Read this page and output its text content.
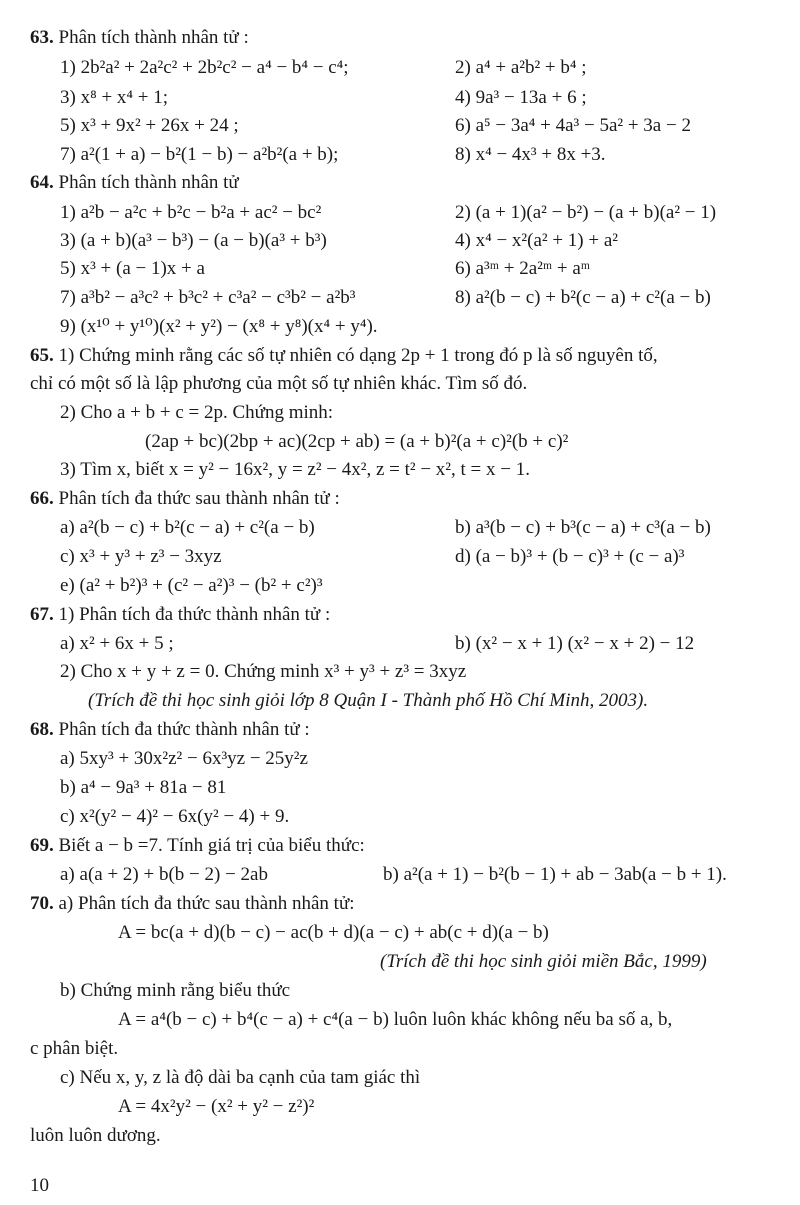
63. Phân tích thành nhân tử :
1) 2b²a² + 2a²c² + 2b²c² − a⁴ − b⁴ − c⁴;	2) a⁴ + a²b² + b⁴ ;
3) x⁸ + x⁴ + 1;	4) 9a³ − 13a + 6 ;
5) x³ + 9x² + 26x + 24 ;	6) a⁵ − 3a⁴ + 4a³ − 5a² + 3a − 2
7) a²(1 + a) − b²(1 − b) − a²b²(a + b);	8) x⁴ − 4x³ + 8x +3.
64. Phân tích thành nhân tử
1) a²b − a²c + b²c − b²a + ac² − bc²	2) (a + 1)(a² − b²) − (a + b)(a² − 1)
3) (a + b)(a³ − b³) − (a − b)(a³ + b³)	4) x⁴ − x²(a² + 1) + a²
5) x³ + (a − 1)x + a	6) a³ᵐ + 2a²ᵐ + aᵐ
7) a³b² − a³c² + b³c² + c³a² − c³b² − a²b³	8) a²(b − c) + b²(c − a) + c²(a − b)
9) (x¹⁰ + y¹⁰)(x² + y²) − (x⁸ + y⁸)(x⁴ + y⁴).
65. 1) Chứng minh rằng các số tự nhiên có dạng 2p + 1 trong đó p là số nguyên tố,
chỉ có một số là lập phương của một số tự nhiên khác. Tìm số đó.
2) Cho a + b + c = 2p. Chứng minh:
(2ap + bc)(2bp + ac)(2cp + ab) = (a + b)²(a + c)²(b + c)²
3) Tìm x, biết x = y² − 16x², y = z² − 4x², z = t² − x², t = x − 1.
66. Phân tích đa thức sau thành nhân tử :
a) a²(b − c) + b²(c − a) + c²(a − b)	b) a³(b − c) + b³(c − a) + c³(a − b)
c) x³ + y³ + z³ − 3xyz	d) (a − b)³ + (b − c)³ + (c − a)³
e) (a² + b²)³ + (c² − a²)³ − (b² + c²)³
67. 1) Phân tích đa thức thành nhân tử :
a) x² + 6x + 5 ;	b) (x² − x + 1) (x² − x + 2) − 12
2) Cho x + y + z = 0. Chứng minh x³ + y³ + z³ = 3xyz
(Trích đề thi học sinh giỏi lớp 8 Quận I - Thành phố Hồ Chí Minh, 2003).
68. Phân tích đa thức thành nhân tử :
a) 5xy³ + 30x²z² − 6x³yz − 25y²z
b) a⁴ − 9a³ + 81a − 81
c) x²(y² − 4)² − 6x(y² − 4) + 9.
69. Biết a − b =7. Tính giá trị của biểu thức:
a) a(a + 2) + b(b − 2) − 2ab	b) a²(a + 1) − b²(b − 1) + ab − 3ab(a − b + 1).
70. a) Phân tích đa thức sau thành nhân tử:
A = bc(a + d)(b − c) − ac(b + d)(a − c) + ab(c + d)(a − b)
(Trích đề thi học sinh giỏi miền Bắc, 1999)
b) Chứng minh rằng biểu thức
A = a⁴(b − c) + b⁴(c − a) + c⁴(a − b) luôn luôn khác không nếu ba số a, b,
c phân biệt.
c) Nếu x, y, z là độ dài ba cạnh của tam giác thì
A = 4x²y² − (x² + y² − z²)²
luôn luôn dương.
10
